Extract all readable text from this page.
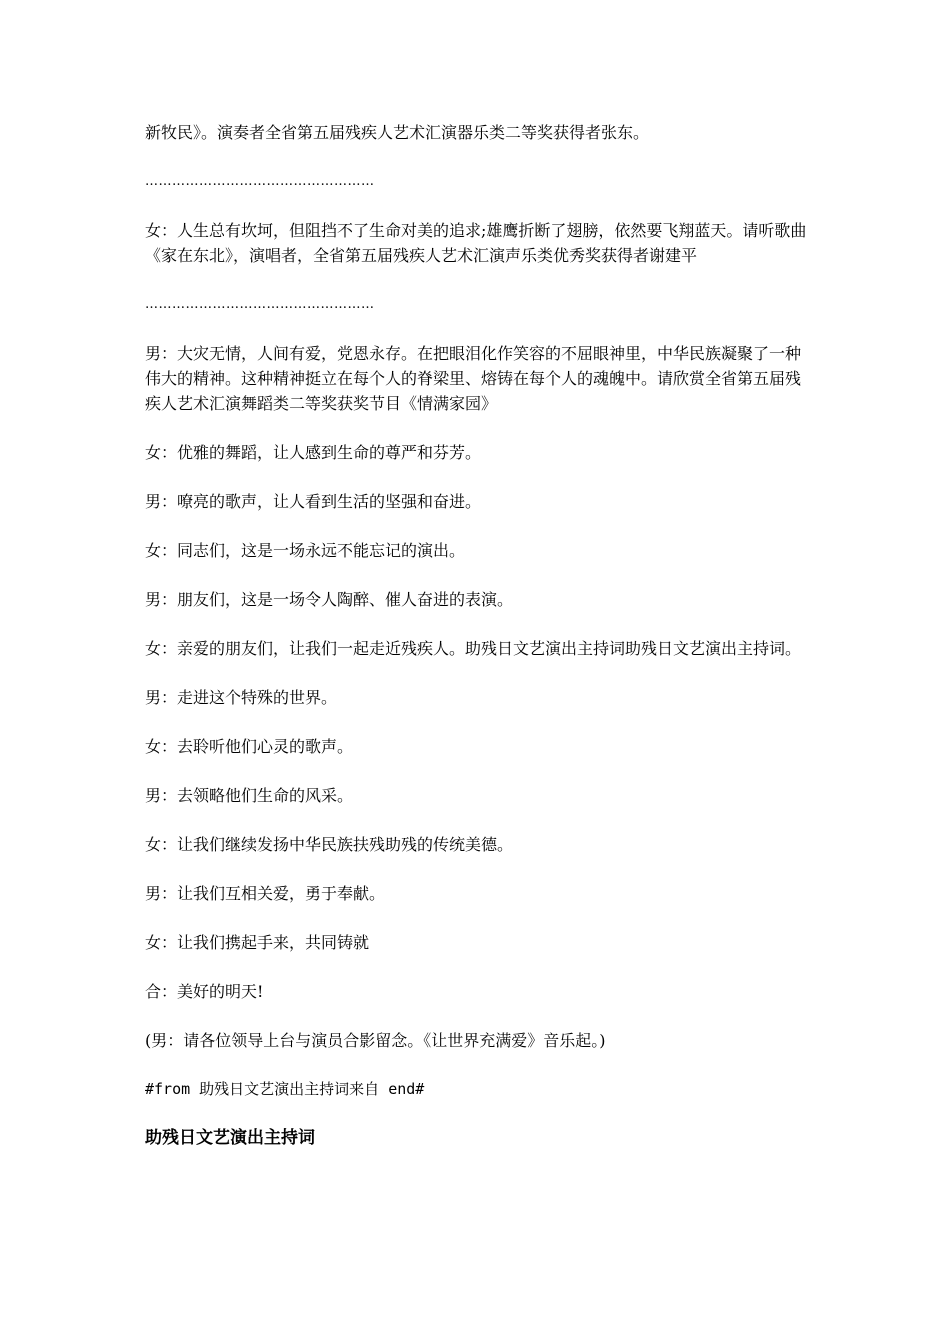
新牧民》。演奏者全省第五届残疾人艺术汇演器乐类二等奖获得者张东。

……………………………………………

女：人生总有坎坷，但阻挡不了生命对美的追求;雄鹰折断了翅膀，依然要飞翔蓝天。请听歌曲《家在东北》，演唱者，全省第五届残疾人艺术汇演声乐类优秀奖获得者谢建平

……………………………………………

男：大灾无情，人间有爱，党恩永存。在把眼泪化作笑容的不屈眼神里，中华民族凝聚了一种伟大的精神。这种精神挺立在每个人的脊梁里、熔铸在每个人的魂魄中。请欣赏全省第五届残疾人艺术汇演舞蹈类二等奖获奖节目《情满家园》

女：优雅的舞蹈，让人感到生命的尊严和芬芳。

男：嘹亮的歌声，让人看到生活的坚强和奋进。

女：同志们，这是一场永远不能忘记的演出。

男：朋友们，这是一场令人陶醉、催人奋进的表演。

女：亲爱的朋友们，让我们一起走近残疾人。助残日文艺演出主持词助残日文艺演出主持词。

男：走进这个特殊的世界。

女：去聆听他们心灵的歌声。

男：去领略他们生命的风采。

女：让我们继续发扬中华民族扶残助残的传统美德。

男：让我们互相关爱，勇于奉献。

女：让我们携起手来，共同铸就

合：美好的明天!

(男：请各位领导上台与演员合影留念。《让世界充满爱》音乐起。)

#from 助残日文艺演出主持词来自 end#

助残日文艺演出主持词
